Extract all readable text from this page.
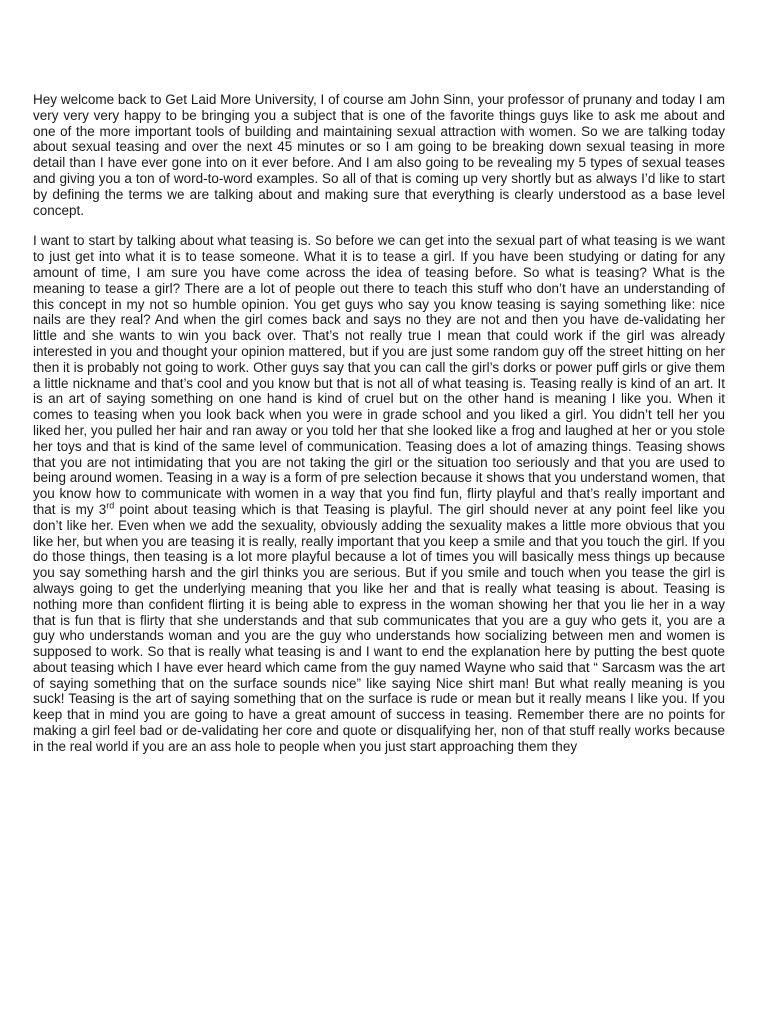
Hey welcome back to Get Laid More University, I of course am John Sinn, your professor of prunany and today I am very very very happy to be bringing you a subject that is one of the favorite things guys like to ask me about and one of the more important tools of building and maintaining sexual attraction with women. So we are talking today about sexual teasing and over the next 45 minutes or so I am going to be breaking down sexual teasing in more detail than I have ever gone into on it ever before. And I am also going to be revealing my 5 types of sexual teases and giving you a ton of word-to-word examples. So all of that is coming up very shortly but as always I’d like to start by defining the terms we are talking about and making sure that everything is clearly understood as a base level concept.

I want to start by talking about what teasing is. So before we can get into the sexual part of what teasing is we want to just get into what it is to tease someone. What it is to tease a girl. If you have been studying or dating for any amount of time, I am sure you have come across the idea of teasing before. So what is teasing? What is the meaning to tease a girl? There are a lot of people out there to teach this stuff who don’t have an understanding of this concept in my not so humble opinion. You get guys who say you know teasing is saying something like: nice nails are they real? And when the girl comes back and says no they are not and then you have de-validating her little and she wants to win you back over. That’s not really true I mean that could work if the girl was already interested in you and thought your opinion mattered, but if you are just some random guy off the street hitting on her then it is probably not going to work. Other guys say that you can call the girl’s dorks or power puff girls or give them a little nickname and that’s cool and you know but that is not all of what teasing is. Teasing really is kind of an art. It is an art of saying something on one hand is kind of cruel but on the other hand is meaning I like you. When it comes to teasing when you look back when you were in grade school and you liked a girl. You didn’t tell her you liked her, you pulled her hair and ran away or you told her that she looked like a frog and laughed at her or you stole her toys and that is kind of the same level of communication. Teasing does a lot of amazing things. Teasing shows that you are not intimidating that you are not taking the girl or the situation too seriously and that you are used to being around women. Teasing in a way is a form of pre selection because it shows that you understand women, that you know how to communicate with women in a way that you find fun, flirty playful and that’s really important and that is my 3rd point about teasing which is that Teasing is playful. The girl should never at any point feel like you don’t like her. Even when we add the sexuality, obviously adding the sexuality makes a little more obvious that you like her, but when you are teasing it is really, really important that you keep a smile and that you touch the girl. If you do those things, then teasing is a lot more playful because a lot of times you will basically mess things up because you say something harsh and the girl thinks you are serious. But if you smile and touch when you tease the girl is always going to get the underlying meaning that you like her and that is really what teasing is about. Teasing is nothing more than confident flirting it is being able to express in the woman showing her that you lie her in a way that is fun that is flirty that she understands and that sub communicates that you are a guy who gets it, you are a guy who understands woman and you are the guy who understands how socializing between men and women is supposed to work. So that is really what teasing is and I want to end the explanation here by putting the best quote about teasing which I have ever heard which came from the guy named Wayne who said that “ Sarcasm was the art of saying something that on the surface sounds nice” like saying Nice shirt man! But what really meaning is you suck! Teasing is the art of saying something that on the surface is rude or mean but it really means I like you. If you keep that in mind you are going to have a great amount of success in teasing. Remember there are no points for making a girl feel bad or de-validating her core and quote or disqualifying her, non of that stuff really works because in the real world if you are an ass hole to people when you just start approaching them they
